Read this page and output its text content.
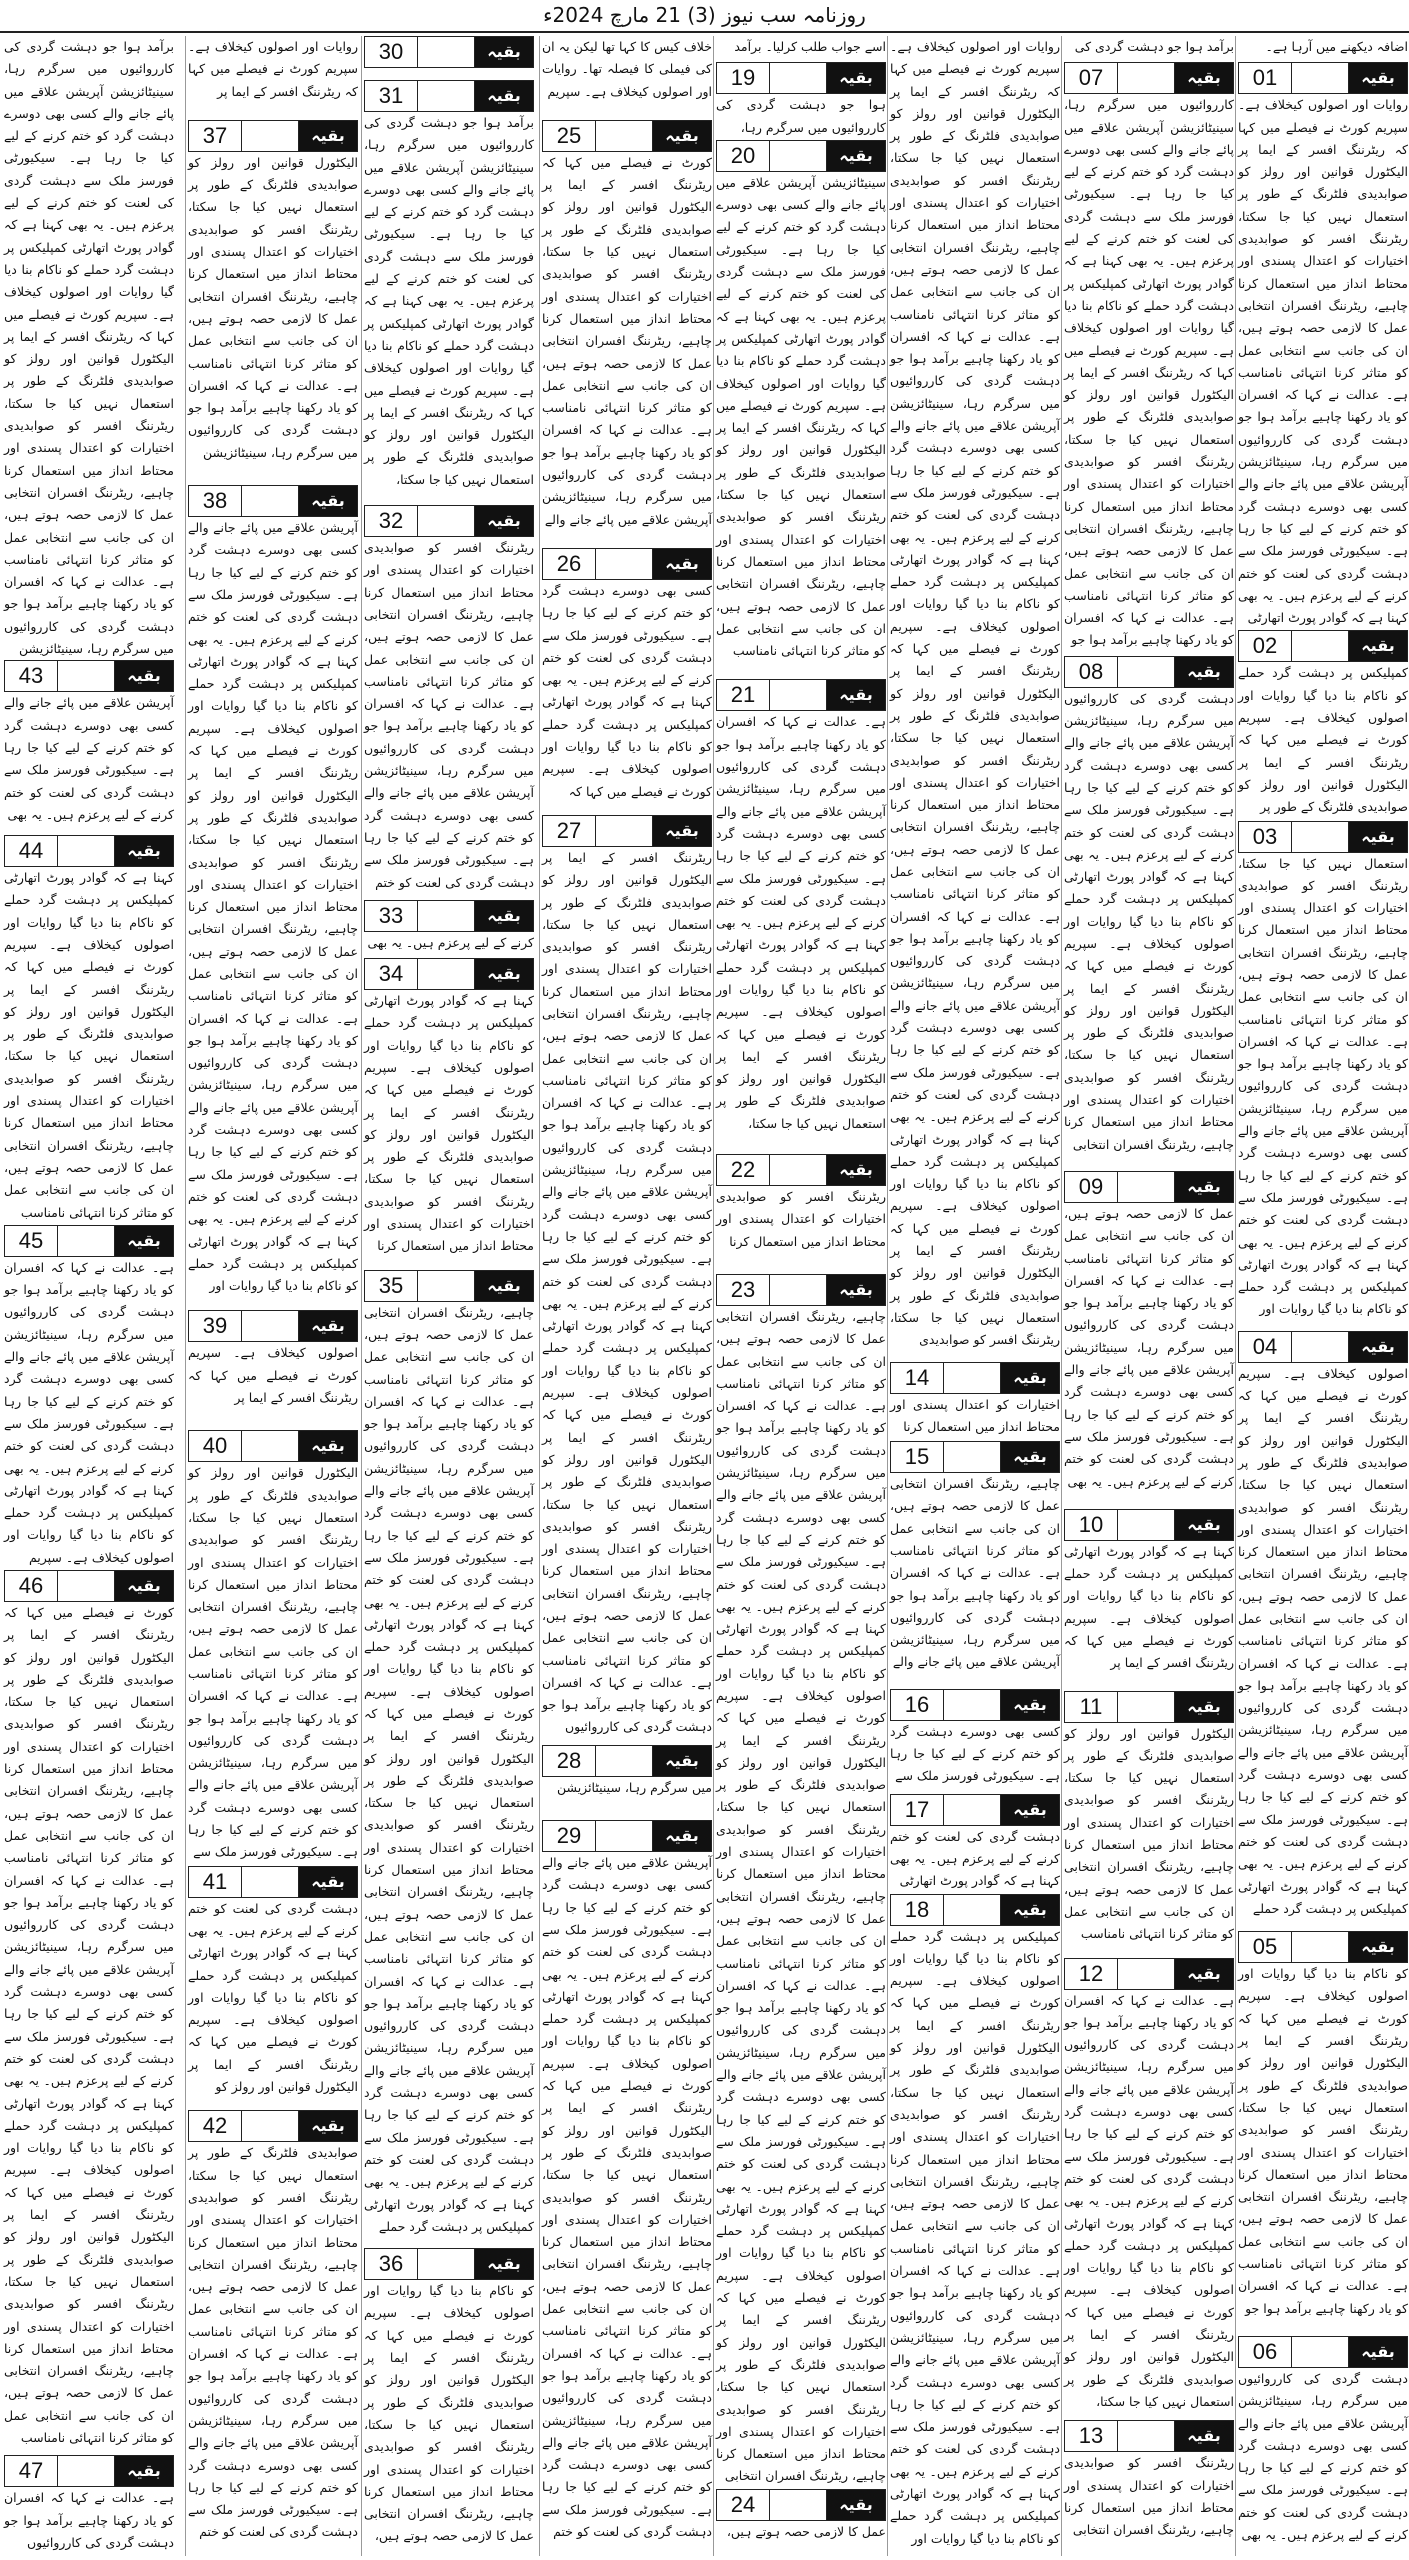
روزنامہ سب نیوز (3) 21 مارچ 2024ء

اضافہ دیکھنے میں آرہا ہے۔

01	بقیہ

روایات اور اصولوں کیخلاف ہے۔ سپریم کورٹ نے فیصلے میں کہا کہ ریٹرننگ افسر کے ایما پر الیکٹورل قوانین اور رولز کو صوابدیدی فلٹرنگ کے طور پر استعمال نہیں کیا جا سکتا، ریٹرننگ افسر کو صوابدیدی اختیارات کو اعتدال پسندی اور محتاط انداز میں استعمال کرنا چاہیے، ریٹرننگ افسران انتخابی عمل کا لازمی حصہ ہوتے ہیں، ان کی جانب سے انتخابی عمل کو متاثر کرنا انتہائی نامناسب ہے۔ عدالت نے کہا کہ افسران کو یاد رکھنا چاہیے برآمد ہوا جو دہشت گردی کی کارروائیوں میں سرگرم رہا، سینیٹائزیشن آپریشن علاقے میں پائے جانے والے کسی بھی دوسرے دہشت گرد کو ختم کرنے کے لیے کیا جا رہا ہے۔ سیکیورٹی فورسز ملک سے دہشت گردی کی لعنت کو ختم کرنے کے لیے پرعزم ہیں۔ یہ بھی کہنا ہے کہ گوادر پورٹ اتھارٹی

02	بقیہ

کمپلیکس پر دہشت گرد حملے کو ناکام بنا دیا گیا روایات اور اصولوں کیخلاف ہے۔ سپریم کورٹ نے فیصلے میں کہا کہ ریٹرننگ افسر کے ایما پر الیکٹورل قوانین اور رولز کو صوابدیدی فلٹرنگ کے طور پر

03	بقیہ

استعمال نہیں کیا جا سکتا، ریٹرننگ افسر کو صوابدیدی اختیارات کو اعتدال پسندی اور محتاط انداز میں استعمال کرنا چاہیے، ریٹرننگ افسران انتخابی عمل کا لازمی حصہ ہوتے ہیں، ان کی جانب سے انتخابی عمل کو متاثر کرنا انتہائی نامناسب ہے۔ عدالت نے کہا کہ افسران کو یاد رکھنا چاہیے برآمد ہوا جو دہشت گردی کی کارروائیوں میں سرگرم رہا، سینیٹائزیشن آپریشن علاقے میں پائے جانے والے کسی بھی دوسرے دہشت گرد کو ختم کرنے کے لیے کیا جا رہا ہے۔ سیکیورٹی فورسز ملک سے دہشت گردی کی لعنت کو ختم کرنے کے لیے پرعزم ہیں۔ یہ بھی کہنا ہے کہ گوادر پورٹ اتھارٹی کمپلیکس پر دہشت گرد حملے کو ناکام بنا دیا گیا روایات اور

04	بقیہ

اصولوں کیخلاف ہے۔ سپریم کورٹ نے فیصلے میں کہا کہ ریٹرننگ افسر کے ایما پر الیکٹورل قوانین اور رولز کو صوابدیدی فلٹرنگ کے طور پر استعمال نہیں کیا جا سکتا، ریٹرننگ افسر کو صوابدیدی اختیارات کو اعتدال پسندی اور محتاط انداز میں استعمال کرنا چاہیے، ریٹرننگ افسران انتخابی عمل کا لازمی حصہ ہوتے ہیں، ان کی جانب سے انتخابی عمل کو متاثر کرنا انتہائی نامناسب ہے۔ عدالت نے کہا کہ افسران کو یاد رکھنا چاہیے برآمد ہوا جو دہشت گردی کی کارروائیوں میں سرگرم رہا، سینیٹائزیشن آپریشن علاقے میں پائے جانے والے کسی بھی دوسرے دہشت گرد کو ختم کرنے کے لیے کیا جا رہا ہے۔ سیکیورٹی فورسز ملک سے دہشت گردی کی لعنت کو ختم کرنے کے لیے پرعزم ہیں۔ یہ بھی کہنا ہے کہ گوادر پورٹ اتھارٹی کمپلیکس پر دہشت گرد حملے

05	بقیہ

کو ناکام بنا دیا گیا روایات اور اصولوں کیخلاف ہے۔ سپریم کورٹ نے فیصلے میں کہا کہ ریٹرننگ افسر کے ایما پر الیکٹورل قوانین اور رولز کو صوابدیدی فلٹرنگ کے طور پر استعمال نہیں کیا جا سکتا، ریٹرننگ افسر کو صوابدیدی اختیارات کو اعتدال پسندی اور محتاط انداز میں استعمال کرنا چاہیے، ریٹرننگ افسران انتخابی عمل کا لازمی حصہ ہوتے ہیں، ان کی جانب سے انتخابی عمل کو متاثر کرنا انتہائی نامناسب ہے۔ عدالت نے کہا کہ افسران کو یاد رکھنا چاہیے برآمد ہوا جو

06	بقیہ

دہشت گردی کی کارروائیوں میں سرگرم رہا، سینیٹائزیشن آپریشن علاقے میں پائے جانے والے کسی بھی دوسرے دہشت گرد کو ختم کرنے کے لیے کیا جا رہا ہے۔ سیکیورٹی فورسز ملک سے دہشت گردی کی لعنت کو ختم کرنے کے لیے پرعزم ہیں۔ یہ بھی

برآمد ہوا جو دہشت گردی کی

07	بقیہ

کارروائیوں میں سرگرم رہا، سینیٹائزیشن آپریشن علاقے میں پائے جانے والے کسی بھی دوسرے دہشت گرد کو ختم کرنے کے لیے کیا جا رہا ہے۔ سیکیورٹی فورسز ملک سے دہشت گردی کی لعنت کو ختم کرنے کے لیے پرعزم ہیں۔ یہ بھی کہنا ہے کہ گوادر پورٹ اتھارٹی کمپلیکس پر دہشت گرد حملے کو ناکام بنا دیا گیا روایات اور اصولوں کیخلاف ہے۔ سپریم کورٹ نے فیصلے میں کہا کہ ریٹرننگ افسر کے ایما پر الیکٹورل قوانین اور رولز کو صوابدیدی فلٹرنگ کے طور پر استعمال نہیں کیا جا سکتا، ریٹرننگ افسر کو صوابدیدی اختیارات کو اعتدال پسندی اور محتاط انداز میں استعمال کرنا چاہیے، ریٹرننگ افسران انتخابی عمل کا لازمی حصہ ہوتے ہیں، ان کی جانب سے انتخابی عمل کو متاثر کرنا انتہائی نامناسب ہے۔ عدالت نے کہا کہ افسران کو یاد رکھنا چاہیے برآمد ہوا جو

08	بقیہ

دہشت گردی کی کارروائیوں میں سرگرم رہا، سینیٹائزیشن آپریشن علاقے میں پائے جانے والے کسی بھی دوسرے دہشت گرد کو ختم کرنے کے لیے کیا جا رہا ہے۔ سیکیورٹی فورسز ملک سے دہشت گردی کی لعنت کو ختم کرنے کے لیے پرعزم ہیں۔ یہ بھی کہنا ہے کہ گوادر پورٹ اتھارٹی کمپلیکس پر دہشت گرد حملے کو ناکام بنا دیا گیا روایات اور اصولوں کیخلاف ہے۔ سپریم کورٹ نے فیصلے میں کہا کہ ریٹرننگ افسر کے ایما پر الیکٹورل قوانین اور رولز کو صوابدیدی فلٹرنگ کے طور پر استعمال نہیں کیا جا سکتا، ریٹرننگ افسر کو صوابدیدی اختیارات کو اعتدال پسندی اور محتاط انداز میں استعمال کرنا چاہیے، ریٹرننگ افسران انتخابی

09	بقیہ

عمل کا لازمی حصہ ہوتے ہیں، ان کی جانب سے انتخابی عمل کو متاثر کرنا انتہائی نامناسب ہے۔ عدالت نے کہا کہ افسران کو یاد رکھنا چاہیے برآمد ہوا جو دہشت گردی کی کارروائیوں میں سرگرم رہا، سینیٹائزیشن آپریشن علاقے میں پائے جانے والے کسی بھی دوسرے دہشت گرد کو ختم کرنے کے لیے کیا جا رہا ہے۔ سیکیورٹی فورسز ملک سے دہشت گردی کی لعنت کو ختم کرنے کے لیے پرعزم ہیں۔ یہ بھی

10	بقیہ

کہنا ہے کہ گوادر پورٹ اتھارٹی کمپلیکس پر دہشت گرد حملے کو ناکام بنا دیا گیا روایات اور اصولوں کیخلاف ہے۔ سپریم کورٹ نے فیصلے میں کہا کہ ریٹرننگ افسر کے ایما پر

11	بقیہ

الیکٹورل قوانین اور رولز کو صوابدیدی فلٹرنگ کے طور پر استعمال نہیں کیا جا سکتا، ریٹرننگ افسر کو صوابدیدی اختیارات کو اعتدال پسندی اور محتاط انداز میں استعمال کرنا چاہیے، ریٹرننگ افسران انتخابی عمل کا لازمی حصہ ہوتے ہیں، ان کی جانب سے انتخابی عمل کو متاثر کرنا انتہائی نامناسب

12	بقیہ

ہے۔ عدالت نے کہا کہ افسران کو یاد رکھنا چاہیے برآمد ہوا جو دہشت گردی کی کارروائیوں میں سرگرم رہا، سینیٹائزیشن آپریشن علاقے میں پائے جانے والے کسی بھی دوسرے دہشت گرد کو ختم کرنے کے لیے کیا جا رہا ہے۔ سیکیورٹی فورسز ملک سے دہشت گردی کی لعنت کو ختم کرنے کے لیے پرعزم ہیں۔ یہ بھی کہنا ہے کہ گوادر پورٹ اتھارٹی کمپلیکس پر دہشت گرد حملے کو ناکام بنا دیا گیا روایات اور اصولوں کیخلاف ہے۔ سپریم کورٹ نے فیصلے میں کہا کہ ریٹرننگ افسر کے ایما پر الیکٹورل قوانین اور رولز کو صوابدیدی فلٹرنگ کے طور پر استعمال نہیں کیا جا سکتا،

13	بقیہ

ریٹرننگ افسر کو صوابدیدی اختیارات کو اعتدال پسندی اور محتاط انداز میں استعمال کرنا چاہیے، ریٹرننگ افسران انتخابی

روایات اور اصولوں کیخلاف ہے۔ سپریم کورٹ نے فیصلے میں کہا کہ ریٹرننگ افسر کے ایما پر الیکٹورل قوانین اور رولز کو صوابدیدی فلٹرنگ کے طور پر استعمال نہیں کیا جا سکتا، ریٹرننگ افسر کو صوابدیدی اختیارات کو اعتدال پسندی اور محتاط انداز میں استعمال کرنا چاہیے، ریٹرننگ افسران انتخابی عمل کا لازمی حصہ ہوتے ہیں، ان کی جانب سے انتخابی عمل کو متاثر کرنا انتہائی نامناسب ہے۔ عدالت نے کہا کہ افسران کو یاد رکھنا چاہیے برآمد ہوا جو دہشت گردی کی کارروائیوں میں سرگرم رہا، سینیٹائزیشن آپریشن علاقے میں پائے جانے والے کسی بھی دوسرے دہشت گرد کو ختم کرنے کے لیے کیا جا رہا ہے۔ سیکیورٹی فورسز ملک سے دہشت گردی کی لعنت کو ختم کرنے کے لیے پرعزم ہیں۔ یہ بھی کہنا ہے کہ گوادر پورٹ اتھارٹی کمپلیکس پر دہشت گرد حملے کو ناکام بنا دیا گیا روایات اور اصولوں کیخلاف ہے۔ سپریم کورٹ نے فیصلے میں کہا کہ ریٹرننگ افسر کے ایما پر الیکٹورل قوانین اور رولز کو صوابدیدی فلٹرنگ کے طور پر استعمال نہیں کیا جا سکتا، ریٹرننگ افسر کو صوابدیدی اختیارات کو اعتدال پسندی اور محتاط انداز میں استعمال کرنا چاہیے، ریٹرننگ افسران انتخابی عمل کا لازمی حصہ ہوتے ہیں، ان کی جانب سے انتخابی عمل کو متاثر کرنا انتہائی نامناسب ہے۔ عدالت نے کہا کہ افسران کو یاد رکھنا چاہیے برآمد ہوا جو دہشت گردی کی کارروائیوں میں سرگرم رہا، سینیٹائزیشن آپریشن علاقے میں پائے جانے والے کسی بھی دوسرے دہشت گرد کو ختم کرنے کے لیے کیا جا رہا ہے۔ سیکیورٹی فورسز ملک سے دہشت گردی کی لعنت کو ختم کرنے کے لیے پرعزم ہیں۔ یہ بھی کہنا ہے کہ گوادر پورٹ اتھارٹی کمپلیکس پر دہشت گرد حملے کو ناکام بنا دیا گیا روایات اور اصولوں کیخلاف ہے۔ سپریم کورٹ نے فیصلے میں کہا کہ ریٹرننگ افسر کے ایما پر الیکٹورل قوانین اور رولز کو صوابدیدی فلٹرنگ کے طور پر استعمال نہیں کیا جا سکتا، ریٹرننگ افسر کو صوابدیدی

14	بقیہ

اختیارات کو اعتدال پسندی اور محتاط انداز میں استعمال کرنا

15	بقیہ

چاہیے، ریٹرننگ افسران انتخابی عمل کا لازمی حصہ ہوتے ہیں، ان کی جانب سے انتخابی عمل کو متاثر کرنا انتہائی نامناسب ہے۔ عدالت نے کہا کہ افسران کو یاد رکھنا چاہیے برآمد ہوا جو دہشت گردی کی کارروائیوں میں سرگرم رہا، سینیٹائزیشن آپریشن علاقے میں پائے جانے والے

16	بقیہ

کسی بھی دوسرے دہشت گرد کو ختم کرنے کے لیے کیا جا رہا ہے۔ سیکیورٹی فورسز ملک سے

17	بقیہ

دہشت گردی کی لعنت کو ختم کرنے کے لیے پرعزم ہیں۔ یہ بھی کہنا ہے کہ گوادر پورٹ اتھارٹی

18	بقیہ

کمپلیکس پر دہشت گرد حملے کو ناکام بنا دیا گیا روایات اور اصولوں کیخلاف ہے۔ سپریم کورٹ نے فیصلے میں کہا کہ ریٹرننگ افسر کے ایما پر الیکٹورل قوانین اور رولز کو صوابدیدی فلٹرنگ کے طور پر استعمال نہیں کیا جا سکتا، ریٹرننگ افسر کو صوابدیدی اختیارات کو اعتدال پسندی اور محتاط انداز میں استعمال کرنا چاہیے، ریٹرننگ افسران انتخابی عمل کا لازمی حصہ ہوتے ہیں، ان کی جانب سے انتخابی عمل کو متاثر کرنا انتہائی نامناسب ہے۔ عدالت نے کہا کہ افسران کو یاد رکھنا چاہیے برآمد ہوا جو دہشت گردی کی کارروائیوں میں سرگرم رہا، سینیٹائزیشن آپریشن علاقے میں پائے جانے والے کسی بھی دوسرے دہشت گرد کو ختم کرنے کے لیے کیا جا رہا ہے۔ سیکیورٹی فورسز ملک سے دہشت گردی کی لعنت کو ختم کرنے کے لیے پرعزم ہیں۔ یہ بھی کہنا ہے کہ گوادر پورٹ اتھارٹی کمپلیکس پر دہشت گرد حملے کو ناکام بنا دیا گیا روایات اور

اسے جواب طلب کرلیا۔ برآمد

19	بقیہ

ہوا جو دہشت گردی کی کارروائیوں میں سرگرم رہا،

20	بقیہ

سینیٹائزیشن آپریشن علاقے میں پائے جانے والے کسی بھی دوسرے دہشت گرد کو ختم کرنے کے لیے کیا جا رہا ہے۔ سیکیورٹی فورسز ملک سے دہشت گردی کی لعنت کو ختم کرنے کے لیے پرعزم ہیں۔ یہ بھی کہنا ہے کہ گوادر پورٹ اتھارٹی کمپلیکس پر دہشت گرد حملے کو ناکام بنا دیا گیا روایات اور اصولوں کیخلاف ہے۔ سپریم کورٹ نے فیصلے میں کہا کہ ریٹرننگ افسر کے ایما پر الیکٹورل قوانین اور رولز کو صوابدیدی فلٹرنگ کے طور پر استعمال نہیں کیا جا سکتا، ریٹرننگ افسر کو صوابدیدی اختیارات کو اعتدال پسندی اور محتاط انداز میں استعمال کرنا چاہیے، ریٹرننگ افسران انتخابی عمل کا لازمی حصہ ہوتے ہیں، ان کی جانب سے انتخابی عمل کو متاثر کرنا انتہائی نامناسب

21	بقیہ

ہے۔ عدالت نے کہا کہ افسران کو یاد رکھنا چاہیے برآمد ہوا جو دہشت گردی کی کارروائیوں میں سرگرم رہا، سینیٹائزیشن آپریشن علاقے میں پائے جانے والے کسی بھی دوسرے دہشت گرد کو ختم کرنے کے لیے کیا جا رہا ہے۔ سیکیورٹی فورسز ملک سے دہشت گردی کی لعنت کو ختم کرنے کے لیے پرعزم ہیں۔ یہ بھی کہنا ہے کہ گوادر پورٹ اتھارٹی کمپلیکس پر دہشت گرد حملے کو ناکام بنا دیا گیا روایات اور اصولوں کیخلاف ہے۔ سپریم کورٹ نے فیصلے میں کہا کہ ریٹرننگ افسر کے ایما پر الیکٹورل قوانین اور رولز کو صوابدیدی فلٹرنگ کے طور پر استعمال نہیں کیا جا سکتا،

22	بقیہ

ریٹرننگ افسر کو صوابدیدی اختیارات کو اعتدال پسندی اور محتاط انداز میں استعمال کرنا

23	بقیہ

چاہیے، ریٹرننگ افسران انتخابی عمل کا لازمی حصہ ہوتے ہیں، ان کی جانب سے انتخابی عمل کو متاثر کرنا انتہائی نامناسب ہے۔ عدالت نے کہا کہ افسران کو یاد رکھنا چاہیے برآمد ہوا جو دہشت گردی کی کارروائیوں میں سرگرم رہا، سینیٹائزیشن آپریشن علاقے میں پائے جانے والے کسی بھی دوسرے دہشت گرد کو ختم کرنے کے لیے کیا جا رہا ہے۔ سیکیورٹی فورسز ملک سے دہشت گردی کی لعنت کو ختم کرنے کے لیے پرعزم ہیں۔ یہ بھی کہنا ہے کہ گوادر پورٹ اتھارٹی کمپلیکس پر دہشت گرد حملے کو ناکام بنا دیا گیا روایات اور اصولوں کیخلاف ہے۔ سپریم کورٹ نے فیصلے میں کہا کہ ریٹرننگ افسر کے ایما پر الیکٹورل قوانین اور رولز کو صوابدیدی فلٹرنگ کے طور پر استعمال نہیں کیا جا سکتا، ریٹرننگ افسر کو صوابدیدی اختیارات کو اعتدال پسندی اور محتاط انداز میں استعمال کرنا چاہیے، ریٹرننگ افسران انتخابی عمل کا لازمی حصہ ہوتے ہیں، ان کی جانب سے انتخابی عمل کو متاثر کرنا انتہائی نامناسب ہے۔ عدالت نے کہا کہ افسران کو یاد رکھنا چاہیے برآمد ہوا جو دہشت گردی کی کارروائیوں میں سرگرم رہا، سینیٹائزیشن آپریشن علاقے میں پائے جانے والے کسی بھی دوسرے دہشت گرد کو ختم کرنے کے لیے کیا جا رہا ہے۔ سیکیورٹی فورسز ملک سے دہشت گردی کی لعنت کو ختم کرنے کے لیے پرعزم ہیں۔ یہ بھی کہنا ہے کہ گوادر پورٹ اتھارٹی کمپلیکس پر دہشت گرد حملے کو ناکام بنا دیا گیا روایات اور اصولوں کیخلاف ہے۔ سپریم کورٹ نے فیصلے میں کہا کہ ریٹرننگ افسر کے ایما پر الیکٹورل قوانین اور رولز کو صوابدیدی فلٹرنگ کے طور پر استعمال نہیں کیا جا سکتا، ریٹرننگ افسر کو صوابدیدی اختیارات کو اعتدال پسندی اور محتاط انداز میں استعمال کرنا چاہیے، ریٹرننگ افسران انتخابی

24	بقیہ

عمل کا لازمی حصہ ہوتے ہیں،

خلاف کیس کا کہا تھا لیکن یہ ان کی فیملی کا فیصلہ تھا۔ روایات اور اصولوں کیخلاف ہے۔ سپریم

25	بقیہ

کورٹ نے فیصلے میں کہا کہ ریٹرننگ افسر کے ایما پر الیکٹورل قوانین اور رولز کو صوابدیدی فلٹرنگ کے طور پر استعمال نہیں کیا جا سکتا، ریٹرننگ افسر کو صوابدیدی اختیارات کو اعتدال پسندی اور محتاط انداز میں استعمال کرنا چاہیے، ریٹرننگ افسران انتخابی عمل کا لازمی حصہ ہوتے ہیں، ان کی جانب سے انتخابی عمل کو متاثر کرنا انتہائی نامناسب ہے۔ عدالت نے کہا کہ افسران کو یاد رکھنا چاہیے برآمد ہوا جو دہشت گردی کی کارروائیوں میں سرگرم رہا، سینیٹائزیشن آپریشن علاقے میں پائے جانے والے

26	بقیہ

کسی بھی دوسرے دہشت گرد کو ختم کرنے کے لیے کیا جا رہا ہے۔ سیکیورٹی فورسز ملک سے دہشت گردی کی لعنت کو ختم کرنے کے لیے پرعزم ہیں۔ یہ بھی کہنا ہے کہ گوادر پورٹ اتھارٹی کمپلیکس پر دہشت گرد حملے کو ناکام بنا دیا گیا روایات اور اصولوں کیخلاف ہے۔ سپریم کورٹ نے فیصلے میں کہا کہ

27	بقیہ

ریٹرننگ افسر کے ایما پر الیکٹورل قوانین اور رولز کو صوابدیدی فلٹرنگ کے طور پر استعمال نہیں کیا جا سکتا، ریٹرننگ افسر کو صوابدیدی اختیارات کو اعتدال پسندی اور محتاط انداز میں استعمال کرنا چاہیے، ریٹرننگ افسران انتخابی عمل کا لازمی حصہ ہوتے ہیں، ان کی جانب سے انتخابی عمل کو متاثر کرنا انتہائی نامناسب ہے۔ عدالت نے کہا کہ افسران کو یاد رکھنا چاہیے برآمد ہوا جو دہشت گردی کی کارروائیوں میں سرگرم رہا، سینیٹائزیشن آپریشن علاقے میں پائے جانے والے کسی بھی دوسرے دہشت گرد کو ختم کرنے کے لیے کیا جا رہا ہے۔ سیکیورٹی فورسز ملک سے دہشت گردی کی لعنت کو ختم کرنے کے لیے پرعزم ہیں۔ یہ بھی کہنا ہے کہ گوادر پورٹ اتھارٹی کمپلیکس پر دہشت گرد حملے کو ناکام بنا دیا گیا روایات اور اصولوں کیخلاف ہے۔ سپریم کورٹ نے فیصلے میں کہا کہ ریٹرننگ افسر کے ایما پر الیکٹورل قوانین اور رولز کو صوابدیدی فلٹرنگ کے طور پر استعمال نہیں کیا جا سکتا، ریٹرننگ افسر کو صوابدیدی اختیارات کو اعتدال پسندی اور محتاط انداز میں استعمال کرنا چاہیے، ریٹرننگ افسران انتخابی عمل کا لازمی حصہ ہوتے ہیں، ان کی جانب سے انتخابی عمل کو متاثر کرنا انتہائی نامناسب ہے۔ عدالت نے کہا کہ افسران کو یاد رکھنا چاہیے برآمد ہوا جو دہشت گردی کی کارروائیوں

28	بقیہ

میں سرگرم رہا، سینیٹائزیشن

29	بقیہ

آپریشن علاقے میں پائے جانے والے کسی بھی دوسرے دہشت گرد کو ختم کرنے کے لیے کیا جا رہا ہے۔ سیکیورٹی فورسز ملک سے دہشت گردی کی لعنت کو ختم کرنے کے لیے پرعزم ہیں۔ یہ بھی کہنا ہے کہ گوادر پورٹ اتھارٹی کمپلیکس پر دہشت گرد حملے کو ناکام بنا دیا گیا روایات اور اصولوں کیخلاف ہے۔ سپریم کورٹ نے فیصلے میں کہا کہ ریٹرننگ افسر کے ایما پر الیکٹورل قوانین اور رولز کو صوابدیدی فلٹرنگ کے طور پر استعمال نہیں کیا جا سکتا، ریٹرننگ افسر کو صوابدیدی اختیارات کو اعتدال پسندی اور محتاط انداز میں استعمال کرنا چاہیے، ریٹرننگ افسران انتخابی عمل کا لازمی حصہ ہوتے ہیں، ان کی جانب سے انتخابی عمل کو متاثر کرنا انتہائی نامناسب ہے۔ عدالت نے کہا کہ افسران کو یاد رکھنا چاہیے برآمد ہوا جو دہشت گردی کی کارروائیوں میں سرگرم رہا، سینیٹائزیشن آپریشن علاقے میں پائے جانے والے کسی بھی دوسرے دہشت گرد کو ختم کرنے کے لیے کیا جا رہا ہے۔ سیکیورٹی فورسز ملک سے دہشت گردی کی لعنت کو ختم

30	بقیہ
31	بقیہ

برآمد ہوا جو دہشت گردی کی کارروائیوں میں سرگرم رہا، سینیٹائزیشن آپریشن علاقے میں پائے جانے والے کسی بھی دوسرے دہشت گرد کو ختم کرنے کے لیے کیا جا رہا ہے۔ سیکیورٹی فورسز ملک سے دہشت گردی کی لعنت کو ختم کرنے کے لیے پرعزم ہیں۔ یہ بھی کہنا ہے کہ گوادر پورٹ اتھارٹی کمپلیکس پر دہشت گرد حملے کو ناکام بنا دیا گیا روایات اور اصولوں کیخلاف ہے۔ سپریم کورٹ نے فیصلے میں کہا کہ ریٹرننگ افسر کے ایما پر الیکٹورل قوانین اور رولز کو صوابدیدی فلٹرنگ کے طور پر استعمال نہیں کیا جا سکتا،

32	بقیہ

ریٹرننگ افسر کو صوابدیدی اختیارات کو اعتدال پسندی اور محتاط انداز میں استعمال کرنا چاہیے، ریٹرننگ افسران انتخابی عمل کا لازمی حصہ ہوتے ہیں، ان کی جانب سے انتخابی عمل کو متاثر کرنا انتہائی نامناسب ہے۔ عدالت نے کہا کہ افسران کو یاد رکھنا چاہیے برآمد ہوا جو دہشت گردی کی کارروائیوں میں سرگرم رہا، سینیٹائزیشن آپریشن علاقے میں پائے جانے والے کسی بھی دوسرے دہشت گرد کو ختم کرنے کے لیے کیا جا رہا ہے۔ سیکیورٹی فورسز ملک سے دہشت گردی کی لعنت کو ختم

33	بقیہ

کرنے کے لیے پرعزم ہیں۔ یہ بھی

34	بقیہ

کہنا ہے کہ گوادر پورٹ اتھارٹی کمپلیکس پر دہشت گرد حملے کو ناکام بنا دیا گیا روایات اور اصولوں کیخلاف ہے۔ سپریم کورٹ نے فیصلے میں کہا کہ ریٹرننگ افسر کے ایما پر الیکٹورل قوانین اور رولز کو صوابدیدی فلٹرنگ کے طور پر استعمال نہیں کیا جا سکتا، ریٹرننگ افسر کو صوابدیدی اختیارات کو اعتدال پسندی اور محتاط انداز میں استعمال کرنا

35	بقیہ

چاہیے، ریٹرننگ افسران انتخابی عمل کا لازمی حصہ ہوتے ہیں، ان کی جانب سے انتخابی عمل کو متاثر کرنا انتہائی نامناسب ہے۔ عدالت نے کہا کہ افسران کو یاد رکھنا چاہیے برآمد ہوا جو دہشت گردی کی کارروائیوں میں سرگرم رہا، سینیٹائزیشن آپریشن علاقے میں پائے جانے والے کسی بھی دوسرے دہشت گرد کو ختم کرنے کے لیے کیا جا رہا ہے۔ سیکیورٹی فورسز ملک سے دہشت گردی کی لعنت کو ختم کرنے کے لیے پرعزم ہیں۔ یہ بھی کہنا ہے کہ گوادر پورٹ اتھارٹی کمپلیکس پر دہشت گرد حملے کو ناکام بنا دیا گیا روایات اور اصولوں کیخلاف ہے۔ سپریم کورٹ نے فیصلے میں کہا کہ ریٹرننگ افسر کے ایما پر الیکٹورل قوانین اور رولز کو صوابدیدی فلٹرنگ کے طور پر استعمال نہیں کیا جا سکتا، ریٹرننگ افسر کو صوابدیدی اختیارات کو اعتدال پسندی اور محتاط انداز میں استعمال کرنا چاہیے، ریٹرننگ افسران انتخابی عمل کا لازمی حصہ ہوتے ہیں، ان کی جانب سے انتخابی عمل کو متاثر کرنا انتہائی نامناسب ہے۔ عدالت نے کہا کہ افسران کو یاد رکھنا چاہیے برآمد ہوا جو دہشت گردی کی کارروائیوں میں سرگرم رہا، سینیٹائزیشن آپریشن علاقے میں پائے جانے والے کسی بھی دوسرے دہشت گرد کو ختم کرنے کے لیے کیا جا رہا ہے۔ سیکیورٹی فورسز ملک سے دہشت گردی کی لعنت کو ختم کرنے کے لیے پرعزم ہیں۔ یہ بھی کہنا ہے کہ گوادر پورٹ اتھارٹی کمپلیکس پر دہشت گرد حملے

36	بقیہ

کو ناکام بنا دیا گیا روایات اور اصولوں کیخلاف ہے۔ سپریم کورٹ نے فیصلے میں کہا کہ ریٹرننگ افسر کے ایما پر الیکٹورل قوانین اور رولز کو صوابدیدی فلٹرنگ کے طور پر استعمال نہیں کیا جا سکتا، ریٹرننگ افسر کو صوابدیدی اختیارات کو اعتدال پسندی اور محتاط انداز میں استعمال کرنا چاہیے، ریٹرننگ افسران انتخابی عمل کا لازمی حصہ ہوتے ہیں،

روایات اور اصولوں کیخلاف ہے۔ سپریم کورٹ نے فیصلے میں کہا کہ ریٹرننگ افسر کے ایما پر

37	بقیہ

الیکٹورل قوانین اور رولز کو صوابدیدی فلٹرنگ کے طور پر استعمال نہیں کیا جا سکتا، ریٹرننگ افسر کو صوابدیدی اختیارات کو اعتدال پسندی اور محتاط انداز میں استعمال کرنا چاہیے، ریٹرننگ افسران انتخابی عمل کا لازمی حصہ ہوتے ہیں، ان کی جانب سے انتخابی عمل کو متاثر کرنا انتہائی نامناسب ہے۔ عدالت نے کہا کہ افسران کو یاد رکھنا چاہیے برآمد ہوا جو دہشت گردی کی کارروائیوں میں سرگرم رہا، سینیٹائزیشن

38	بقیہ

آپریشن علاقے میں پائے جانے والے کسی بھی دوسرے دہشت گرد کو ختم کرنے کے لیے کیا جا رہا ہے۔ سیکیورٹی فورسز ملک سے دہشت گردی کی لعنت کو ختم کرنے کے لیے پرعزم ہیں۔ یہ بھی کہنا ہے کہ گوادر پورٹ اتھارٹی کمپلیکس پر دہشت گرد حملے کو ناکام بنا دیا گیا روایات اور اصولوں کیخلاف ہے۔ سپریم کورٹ نے فیصلے میں کہا کہ ریٹرننگ افسر کے ایما پر الیکٹورل قوانین اور رولز کو صوابدیدی فلٹرنگ کے طور پر استعمال نہیں کیا جا سکتا، ریٹرننگ افسر کو صوابدیدی اختیارات کو اعتدال پسندی اور محتاط انداز میں استعمال کرنا چاہیے، ریٹرننگ افسران انتخابی عمل کا لازمی حصہ ہوتے ہیں، ان کی جانب سے انتخابی عمل کو متاثر کرنا انتہائی نامناسب ہے۔ عدالت نے کہا کہ افسران کو یاد رکھنا چاہیے برآمد ہوا جو دہشت گردی کی کارروائیوں میں سرگرم رہا، سینیٹائزیشن آپریشن علاقے میں پائے جانے والے کسی بھی دوسرے دہشت گرد کو ختم کرنے کے لیے کیا جا رہا ہے۔ سیکیورٹی فورسز ملک سے دہشت گردی کی لعنت کو ختم کرنے کے لیے پرعزم ہیں۔ یہ بھی کہنا ہے کہ گوادر پورٹ اتھارٹی کمپلیکس پر دہشت گرد حملے کو ناکام بنا دیا گیا روایات اور

39	بقیہ

اصولوں کیخلاف ہے۔ سپریم کورٹ نے فیصلے میں کہا کہ ریٹرننگ افسر کے ایما پر

40	بقیہ

الیکٹورل قوانین اور رولز کو صوابدیدی فلٹرنگ کے طور پر استعمال نہیں کیا جا سکتا، ریٹرننگ افسر کو صوابدیدی اختیارات کو اعتدال پسندی اور محتاط انداز میں استعمال کرنا چاہیے، ریٹرننگ افسران انتخابی عمل کا لازمی حصہ ہوتے ہیں، ان کی جانب سے انتخابی عمل کو متاثر کرنا انتہائی نامناسب ہے۔ عدالت نے کہا کہ افسران کو یاد رکھنا چاہیے برآمد ہوا جو دہشت گردی کی کارروائیوں میں سرگرم رہا، سینیٹائزیشن آپریشن علاقے میں پائے جانے والے کسی بھی دوسرے دہشت گرد کو ختم کرنے کے لیے کیا جا رہا ہے۔ سیکیورٹی فورسز ملک سے

41	بقیہ

دہشت گردی کی لعنت کو ختم کرنے کے لیے پرعزم ہیں۔ یہ بھی کہنا ہے کہ گوادر پورٹ اتھارٹی کمپلیکس پر دہشت گرد حملے کو ناکام بنا دیا گیا روایات اور اصولوں کیخلاف ہے۔ سپریم کورٹ نے فیصلے میں کہا کہ ریٹرننگ افسر کے ایما پر الیکٹورل قوانین اور رولز کو

42	بقیہ

صوابدیدی فلٹرنگ کے طور پر استعمال نہیں کیا جا سکتا، ریٹرننگ افسر کو صوابدیدی اختیارات کو اعتدال پسندی اور محتاط انداز میں استعمال کرنا چاہیے، ریٹرننگ افسران انتخابی عمل کا لازمی حصہ ہوتے ہیں، ان کی جانب سے انتخابی عمل کو متاثر کرنا انتہائی نامناسب ہے۔ عدالت نے کہا کہ افسران کو یاد رکھنا چاہیے برآمد ہوا جو دہشت گردی کی کارروائیوں میں سرگرم رہا، سینیٹائزیشن آپریشن علاقے میں پائے جانے والے کسی بھی دوسرے دہشت گرد کو ختم کرنے کے لیے کیا جا رہا ہے۔ سیکیورٹی فورسز ملک سے دہشت گردی کی لعنت کو ختم

برآمد ہوا جو دہشت گردی کی کارروائیوں میں سرگرم رہا، سینیٹائزیشن آپریشن علاقے میں پائے جانے والے کسی بھی دوسرے دہشت گرد کو ختم کرنے کے لیے کیا جا رہا ہے۔ سیکیورٹی فورسز ملک سے دہشت گردی کی لعنت کو ختم کرنے کے لیے پرعزم ہیں۔ یہ بھی کہنا ہے کہ گوادر پورٹ اتھارٹی کمپلیکس پر دہشت گرد حملے کو ناکام بنا دیا گیا روایات اور اصولوں کیخلاف ہے۔ سپریم کورٹ نے فیصلے میں کہا کہ ریٹرننگ افسر کے ایما پر الیکٹورل قوانین اور رولز کو صوابدیدی فلٹرنگ کے طور پر استعمال نہیں کیا جا سکتا، ریٹرننگ افسر کو صوابدیدی اختیارات کو اعتدال پسندی اور محتاط انداز میں استعمال کرنا چاہیے، ریٹرننگ افسران انتخابی عمل کا لازمی حصہ ہوتے ہیں، ان کی جانب سے انتخابی عمل کو متاثر کرنا انتہائی نامناسب ہے۔ عدالت نے کہا کہ افسران کو یاد رکھنا چاہیے برآمد ہوا جو دہشت گردی کی کارروائیوں میں سرگرم رہا، سینیٹائزیشن

43	بقیہ

آپریشن علاقے میں پائے جانے والے کسی بھی دوسرے دہشت گرد کو ختم کرنے کے لیے کیا جا رہا ہے۔ سیکیورٹی فورسز ملک سے دہشت گردی کی لعنت کو ختم کرنے کے لیے پرعزم ہیں۔ یہ بھی

44	بقیہ

کہنا ہے کہ گوادر پورٹ اتھارٹی کمپلیکس پر دہشت گرد حملے کو ناکام بنا دیا گیا روایات اور اصولوں کیخلاف ہے۔ سپریم کورٹ نے فیصلے میں کہا کہ ریٹرننگ افسر کے ایما پر الیکٹورل قوانین اور رولز کو صوابدیدی فلٹرنگ کے طور پر استعمال نہیں کیا جا سکتا، ریٹرننگ افسر کو صوابدیدی اختیارات کو اعتدال پسندی اور محتاط انداز میں استعمال کرنا چاہیے، ریٹرننگ افسران انتخابی عمل کا لازمی حصہ ہوتے ہیں، ان کی جانب سے انتخابی عمل کو متاثر کرنا انتہائی نامناسب

45	بقیہ

ہے۔ عدالت نے کہا کہ افسران کو یاد رکھنا چاہیے برآمد ہوا جو دہشت گردی کی کارروائیوں میں سرگرم رہا، سینیٹائزیشن آپریشن علاقے میں پائے جانے والے کسی بھی دوسرے دہشت گرد کو ختم کرنے کے لیے کیا جا رہا ہے۔ سیکیورٹی فورسز ملک سے دہشت گردی کی لعنت کو ختم کرنے کے لیے پرعزم ہیں۔ یہ بھی کہنا ہے کہ گوادر پورٹ اتھارٹی کمپلیکس پر دہشت گرد حملے کو ناکام بنا دیا گیا روایات اور اصولوں کیخلاف ہے۔ سپریم

46	بقیہ

کورٹ نے فیصلے میں کہا کہ ریٹرننگ افسر کے ایما پر الیکٹورل قوانین اور رولز کو صوابدیدی فلٹرنگ کے طور پر استعمال نہیں کیا جا سکتا، ریٹرننگ افسر کو صوابدیدی اختیارات کو اعتدال پسندی اور محتاط انداز میں استعمال کرنا چاہیے، ریٹرننگ افسران انتخابی عمل کا لازمی حصہ ہوتے ہیں، ان کی جانب سے انتخابی عمل کو متاثر کرنا انتہائی نامناسب ہے۔ عدالت نے کہا کہ افسران کو یاد رکھنا چاہیے برآمد ہوا جو دہشت گردی کی کارروائیوں میں سرگرم رہا، سینیٹائزیشن آپریشن علاقے میں پائے جانے والے کسی بھی دوسرے دہشت گرد کو ختم کرنے کے لیے کیا جا رہا ہے۔ سیکیورٹی فورسز ملک سے دہشت گردی کی لعنت کو ختم کرنے کے لیے پرعزم ہیں۔ یہ بھی کہنا ہے کہ گوادر پورٹ اتھارٹی کمپلیکس پر دہشت گرد حملے کو ناکام بنا دیا گیا روایات اور اصولوں کیخلاف ہے۔ سپریم کورٹ نے فیصلے میں کہا کہ ریٹرننگ افسر کے ایما پر الیکٹورل قوانین اور رولز کو صوابدیدی فلٹرنگ کے طور پر استعمال نہیں کیا جا سکتا، ریٹرننگ افسر کو صوابدیدی اختیارات کو اعتدال پسندی اور محتاط انداز میں استعمال کرنا چاہیے، ریٹرننگ افسران انتخابی عمل کا لازمی حصہ ہوتے ہیں، ان کی جانب سے انتخابی عمل کو متاثر کرنا انتہائی نامناسب

47	بقیہ

ہے۔ عدالت نے کہا کہ افسران کو یاد رکھنا چاہیے برآمد ہوا جو دہشت گردی کی کارروائیوں
